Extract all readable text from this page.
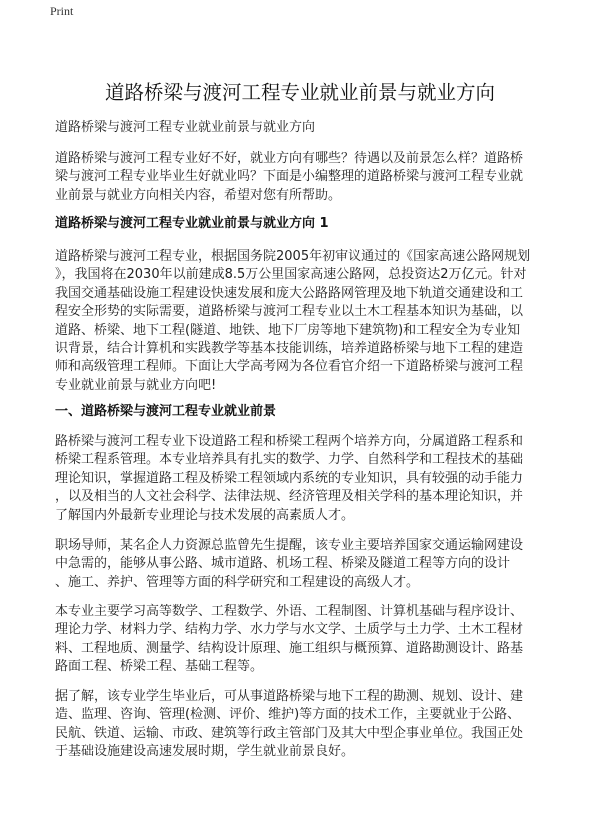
Print
道路桥梁与渡河工程专业就业前景与就业方向
道路桥梁与渡河工程专业就业前景与就业方向
道路桥梁与渡河工程专业好不好，就业方向有哪些？待遇以及前景怎么样？道路桥
梁与渡河工程专业毕业生好就业吗？下面是小编整理的道路桥梁与渡河工程专业就
业前景与就业方向相关内容，希望对您有所帮助。
道路桥梁与渡河工程专业就业前景与就业方向 1
道路桥梁与渡河工程专业，根据国务院2005年初审议通过的《国家高速公路网规划
》，我国将在2030年以前建成8.5万公里国家高速公路网，总投资达2万亿元。针对
我国交通基础设施工程建设快速发展和庞大公路路网管理及地下轨道交通建设和工
程安全形势的实际需要，道路桥梁与渡河工程专业以土木工程基本知识为基础，以
道路、桥梁、地下工程(隧道、地铁、地下厂房等地下建筑物)和工程安全为专业知
识背景，结合计算机和实践教学等基本技能训练，培养道路桥梁与地下工程的建造
师和高级管理工程师。下面让大学高考网为各位看官介绍一下道路桥梁与渡河工程
专业就业前景与就业方向吧!
一、道路桥梁与渡河工程专业就业前景
路桥梁与渡河工程专业下设道路工程和桥梁工程两个培养方向，分属道路工程系和
桥梁工程系管理。本专业培养具有扎实的数学、力学、自然科学和工程技术的基础
理论知识，掌握道路工程及桥梁工程领域内系统的专业知识，具有较强的动手能力
，以及相当的人文社会科学、法律法规、经济管理及相关学科的基本理论知识，并
了解国内外最新专业理论与技术发展的高素质人才。
职场导师，某名企人力资源总监曾先生提醒，该专业主要培养国家交通运输网建设
中急需的，能够从事公路、城市道路、机场工程、桥梁及隧道工程等方向的设计
、施工、养护、管理等方面的科学研究和工程建设的高级人才。
本专业主要学习高等数学、工程数学、外语、工程制图、计算机基础与程序设计、
理论力学、材料力学、结构力学、水力学与水文学、土质学与土力学、土木工程材
料、工程地质、测量学、结构设计原理、施工组织与概预算、道路勘测设计、路基
路面工程、桥梁工程、基础工程等。
据了解，该专业学生毕业后，可从事道路桥梁与地下工程的勘测、规划、设计、建
造、监理、咨询、管理(检测、评价、维护)等方面的技术工作，主要就业于公路、
民航、铁道、运输、市政、建筑等行政主管部门及其大中型企事业单位。我国正处
于基础设施建设高速发展时期，学生就业前景良好。
